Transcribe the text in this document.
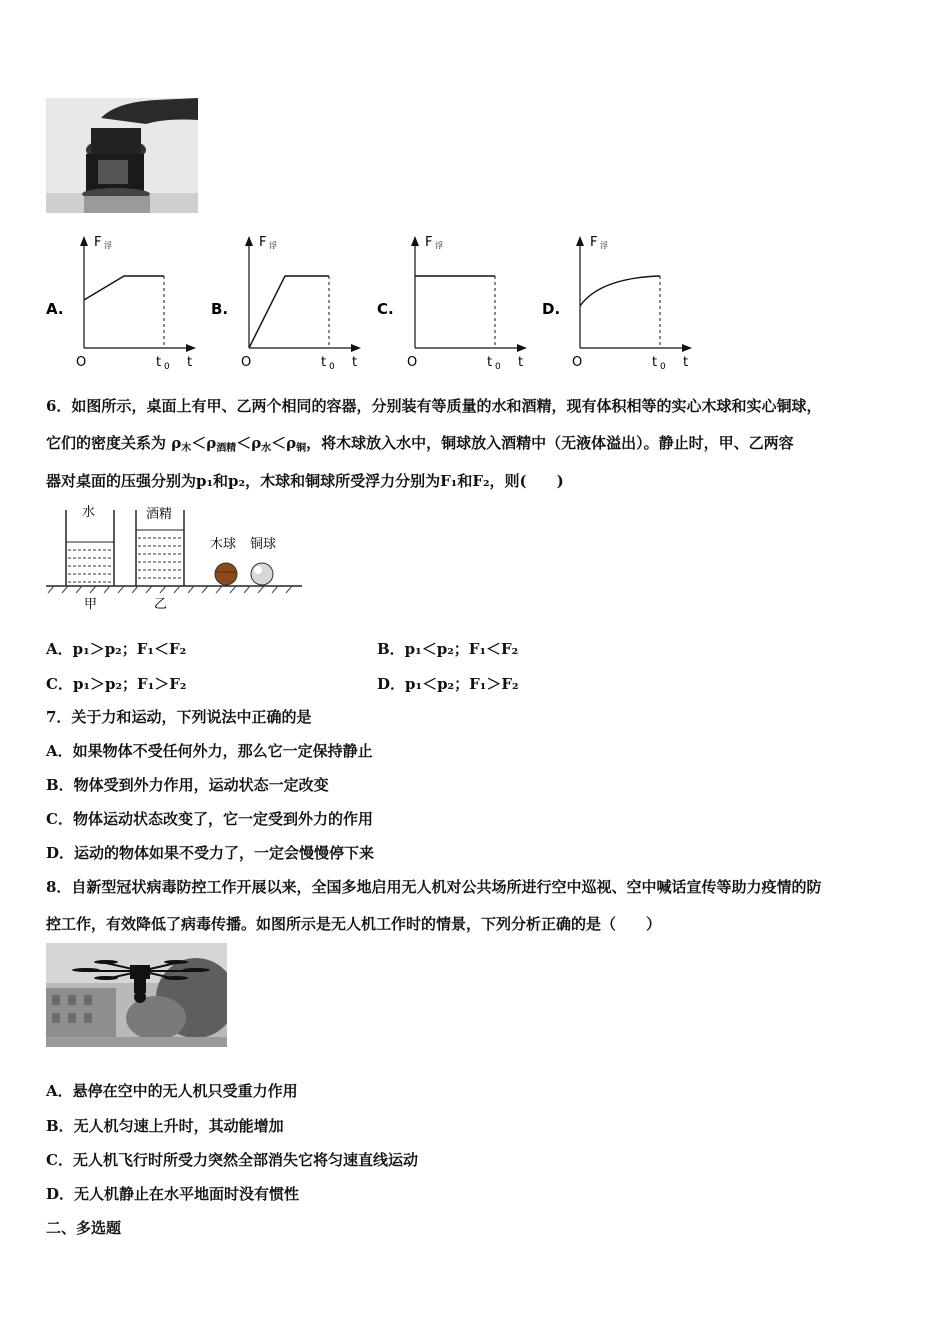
A.
F 浮
O	t 0 t
B.
F 浮
O	t 0 t
C.
F 浮
O	t 0 t
D.
F 浮
O	t 0 t
6．如图所示，桌面上有甲、乙两个相同的容器，分别装有等质量的水和酒精，现有体积相等的实心木球和实心铜球，
它们的密度关系为 $\rho_木<\rho_{酒精}<\rho_水<\rho_铜$，将木球放入水中，铜球放入酒精中（无液体溢出）。静止时，甲、乙两容
器对桌面的压强分别为p₁和p₂，木球和铜球所受浮力分别为F₁和F₂，则(　　)
水	酒精
木球 铜球
甲	乙
A．p₁＞p₂；F₁＜F₂	B．p₁＜p₂；F₁＜F₂
C．p₁＞p₂；F₁＞F₂	D．p₁＜p₂；F₁＞F₂
7．关于力和运动，下列说法中正确的是
A．如果物体不受任何外力，那么它一定保持静止
B．物体受到外力作用，运动状态一定改变
C．物体运动状态改变了，它一定受到外力的作用
D．运动的物体如果不受力了，一定会慢慢停下来
8．自新型冠状病毒防控工作开展以来，全国多地启用无人机对公共场所进行空中巡视、空中喊话宣传等助力疫情的防
控工作，有效降低了病毒传播。如图所示是无人机工作时的情景，下列分析正确的是（　　）
A．悬停在空中的无人机只受重力作用
B．无人机匀速上升时，其动能增加
C．无人机飞行时所受力突然全部消失它将匀速直线运动
D．无人机静止在水平地面时没有惯性
二、多选题
